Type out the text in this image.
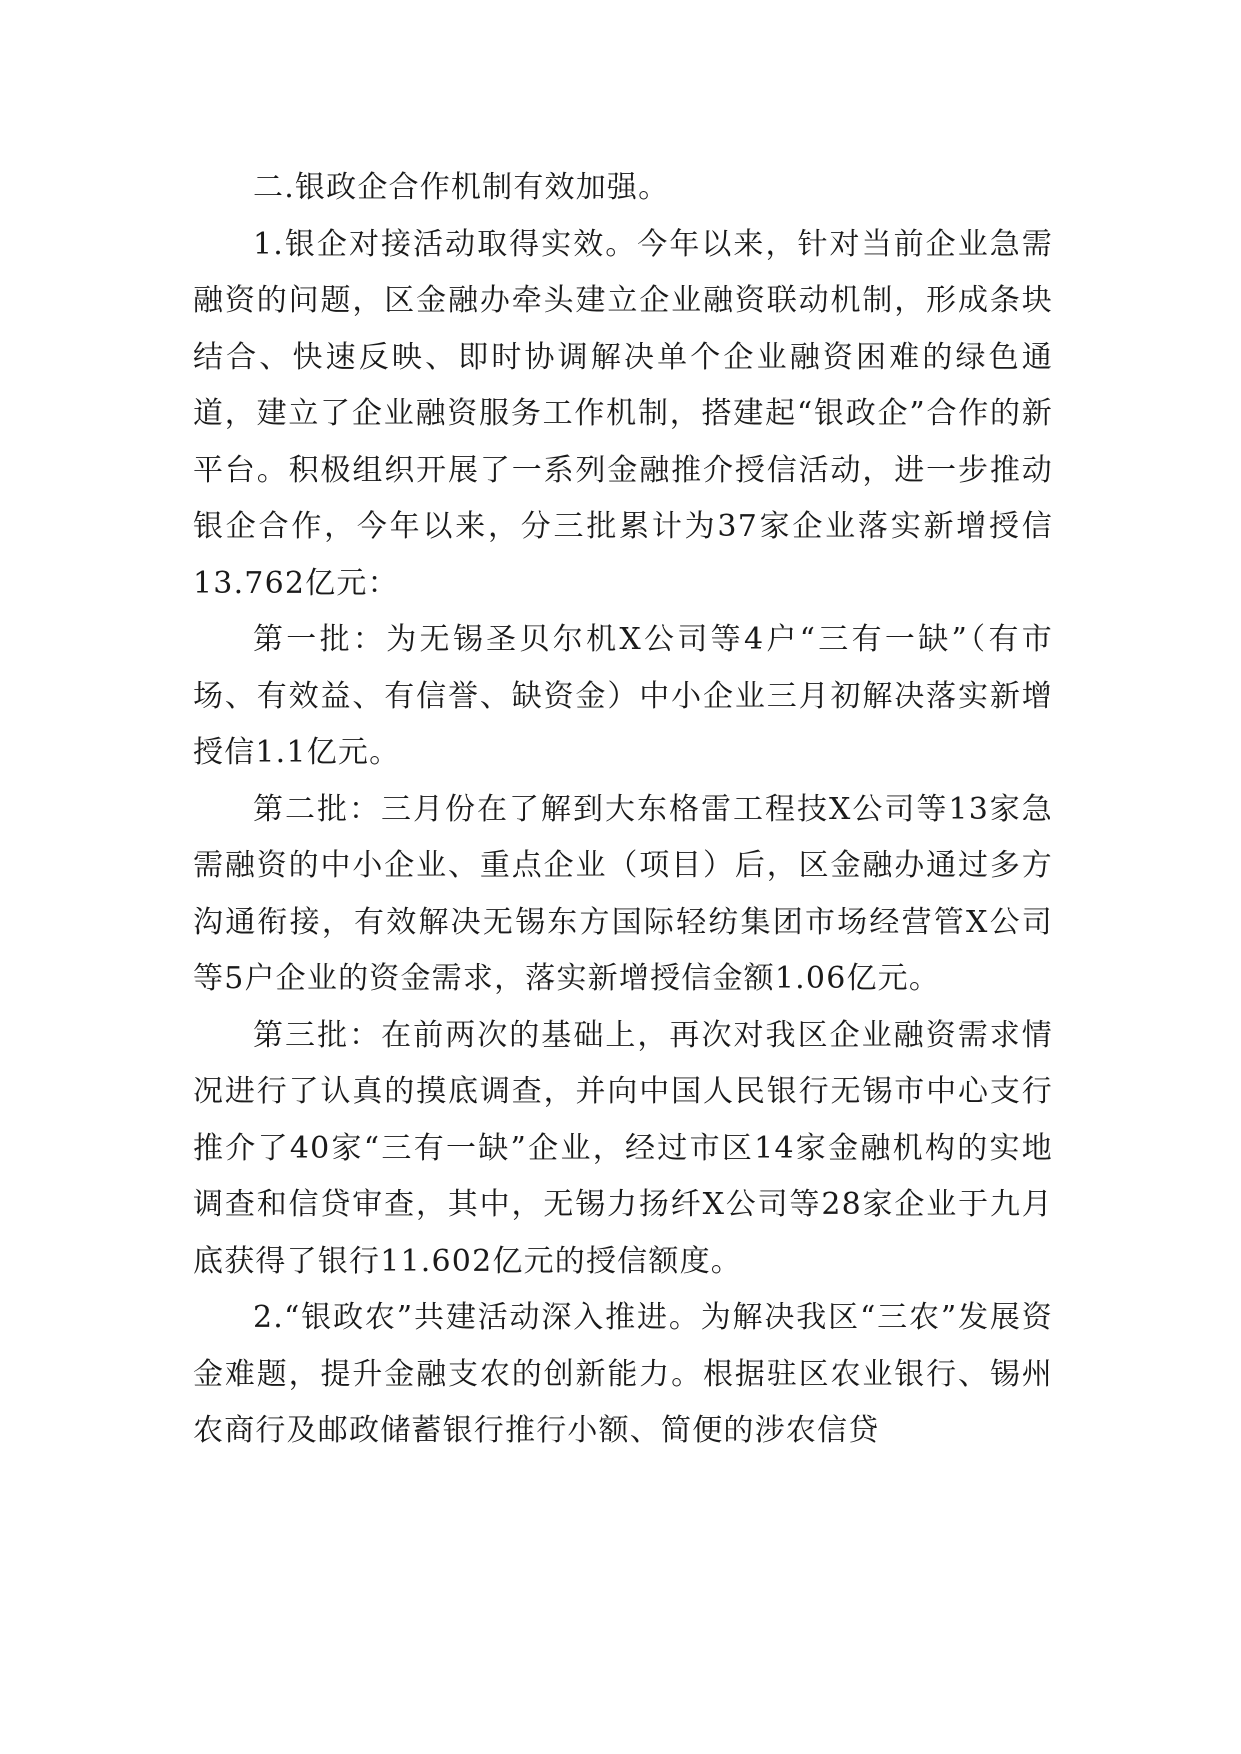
二.银政企合作机制有效加强。

1.银企对接活动取得实效。今年以来，针对当前企业急需融资的问题，区金融办牵头建立企业融资联动机制，形成条块结合、快速反映、即时协调解决单个企业融资困难的绿色通道，建立了企业融资服务工作机制，搭建起“银政企”合作的新平台。积极组织开展了一系列金融推介授信活动，进一步推动银企合作，今年以来，分三批累计为37家企业落实新增授信13.762亿元：

第一批：为无锡圣贝尔机X公司等4户“三有一缺”（有市场、有效益、有信誉、缺资金）中小企业三月初解决落实新增授信1.1亿元。

第二批：三月份在了解到大东格雷工程技X公司等13家急需融资的中小企业、重点企业（项目）后，区金融办通过多方沟通衔接，有效解决无锡东方国际轻纺集团市场经营管X公司等5户企业的资金需求，落实新增授信金额1.06亿元。

第三批：在前两次的基础上，再次对我区企业融资需求情况进行了认真的摸底调查，并向中国人民银行无锡市中心支行推介了40家“三有一缺”企业，经过市区14家金融机构的实地调查和信贷审查，其中，无锡力扬纤X公司等28家企业于九月底获得了银行11.602亿元的授信额度。

2.“银政农”共建活动深入推进。为解决我区“三农”发展资金难题，提升金融支农的创新能力。根据驻区农业银行、锡州农商行及邮政储蓄银行推行小额、简便的涉农信贷
